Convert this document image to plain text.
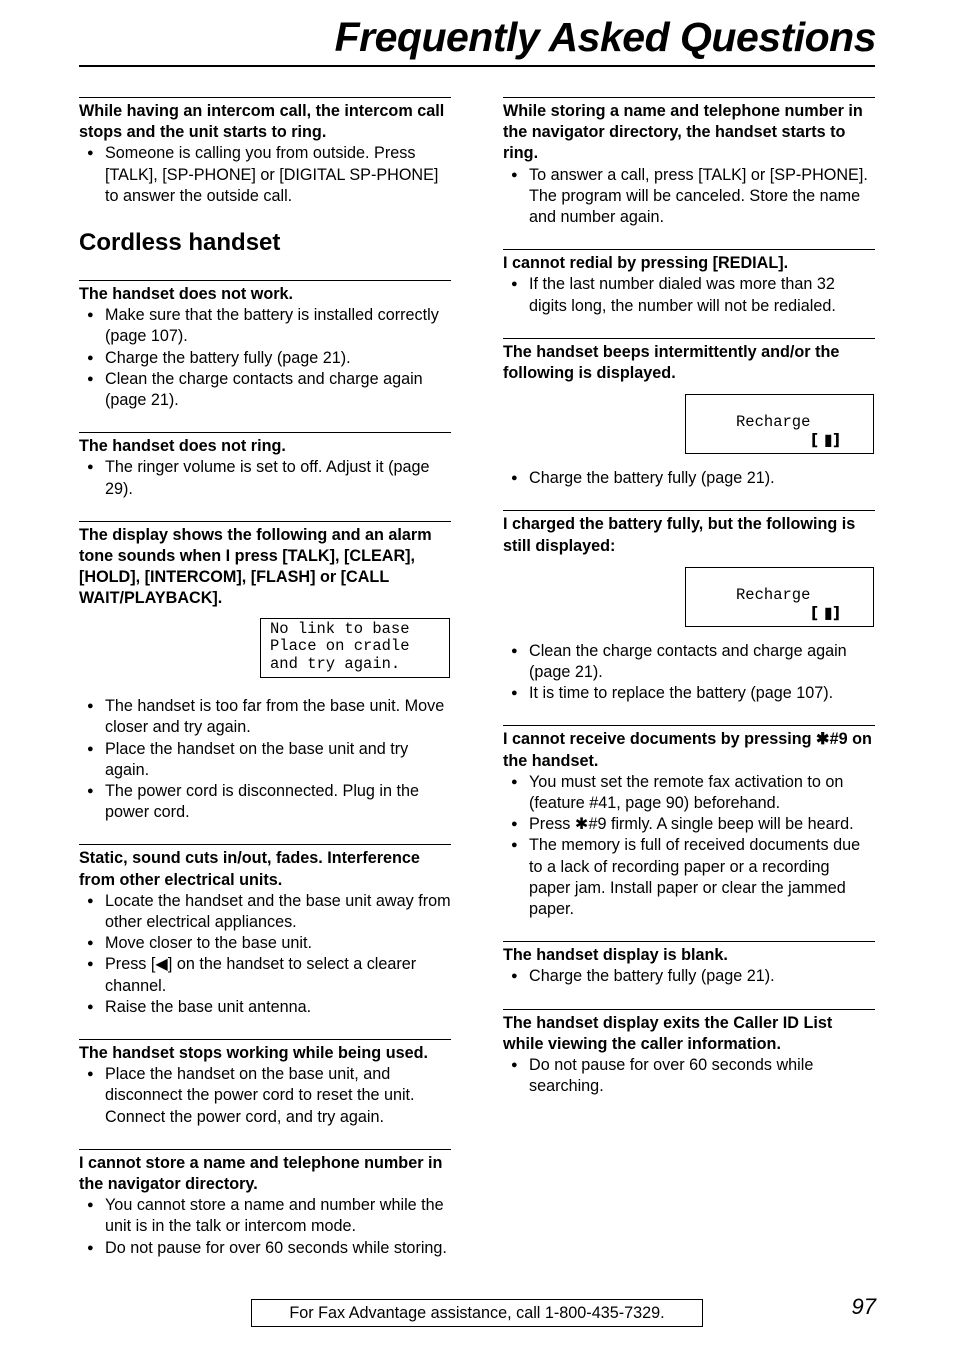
Frequently Asked Questions
While having an intercom call, the intercom call stops and the unit starts to ring.
● Someone is calling you from outside. Press [TALK], [SP-PHONE] or [DIGITAL SP-PHONE] to answer the outside call.
Cordless handset
The handset does not work.
● Make sure that the battery is installed correctly (page 107).
● Charge the battery fully (page 21).
● Clean the charge contacts and charge again (page 21).
The handset does not ring.
● The ringer volume is set to off. Adjust it (page 29).
The display shows the following and an alarm tone sounds when I press [TALK], [CLEAR], [HOLD], [INTERCOM], [FLASH] or [CALL WAIT/PLAYBACK].
No link to base
Place on cradle
and try again.
● The handset is too far from the base unit. Move closer and try again.
● Place the handset on the base unit and try again.
● The power cord is disconnected. Plug in the power cord.
Static, sound cuts in/out, fades. Interference from other electrical units.
● Locate the handset and the base unit away from other electrical appliances.
● Move closer to the base unit.
● Press [◀] on the handset to select a clearer channel.
● Raise the base unit antenna.
The handset stops working while being used.
● Place the handset on the base unit, and disconnect the power cord to reset the unit. Connect the power cord, and try again.
I cannot store a name and telephone number in the navigator directory.
● You cannot store a name and number while the unit is in the talk or intercom mode.
● Do not pause for over 60 seconds while storing.
While storing a name and telephone number in the navigator directory, the handset starts to ring.
● To answer a call, press [TALK] or [SP-PHONE]. The program will be canceled. Store the name and number again.
I cannot redial by pressing [REDIAL].
● If the last number dialed was more than 32 digits long, the number will not be redialed.
The handset beeps intermittently and/or the following is displayed.

Recharge

[ ▮]

● Charge the battery fully (page 21).
I charged the battery fully, but the following is still displayed:

Recharge

[ ▮]

● Clean the charge contacts and charge again (page 21).
● It is time to replace the battery (page 107).
I cannot receive documents by pressing ✱#9 on the handset.
● You must set the remote fax activation to on (feature #41, page 90) beforehand.
● Press ✱#9 firmly. A single beep will be heard.
● The memory is full of received documents due to a lack of recording paper or a recording paper jam. Install paper or clear the jammed paper.
The handset display is blank.
● Charge the battery fully (page 21).
The handset display exits the Caller ID List while viewing the caller information.
● Do not pause for over 60 seconds while searching.
For Fax Advantage assistance, call 1-800-435-7329.	97
